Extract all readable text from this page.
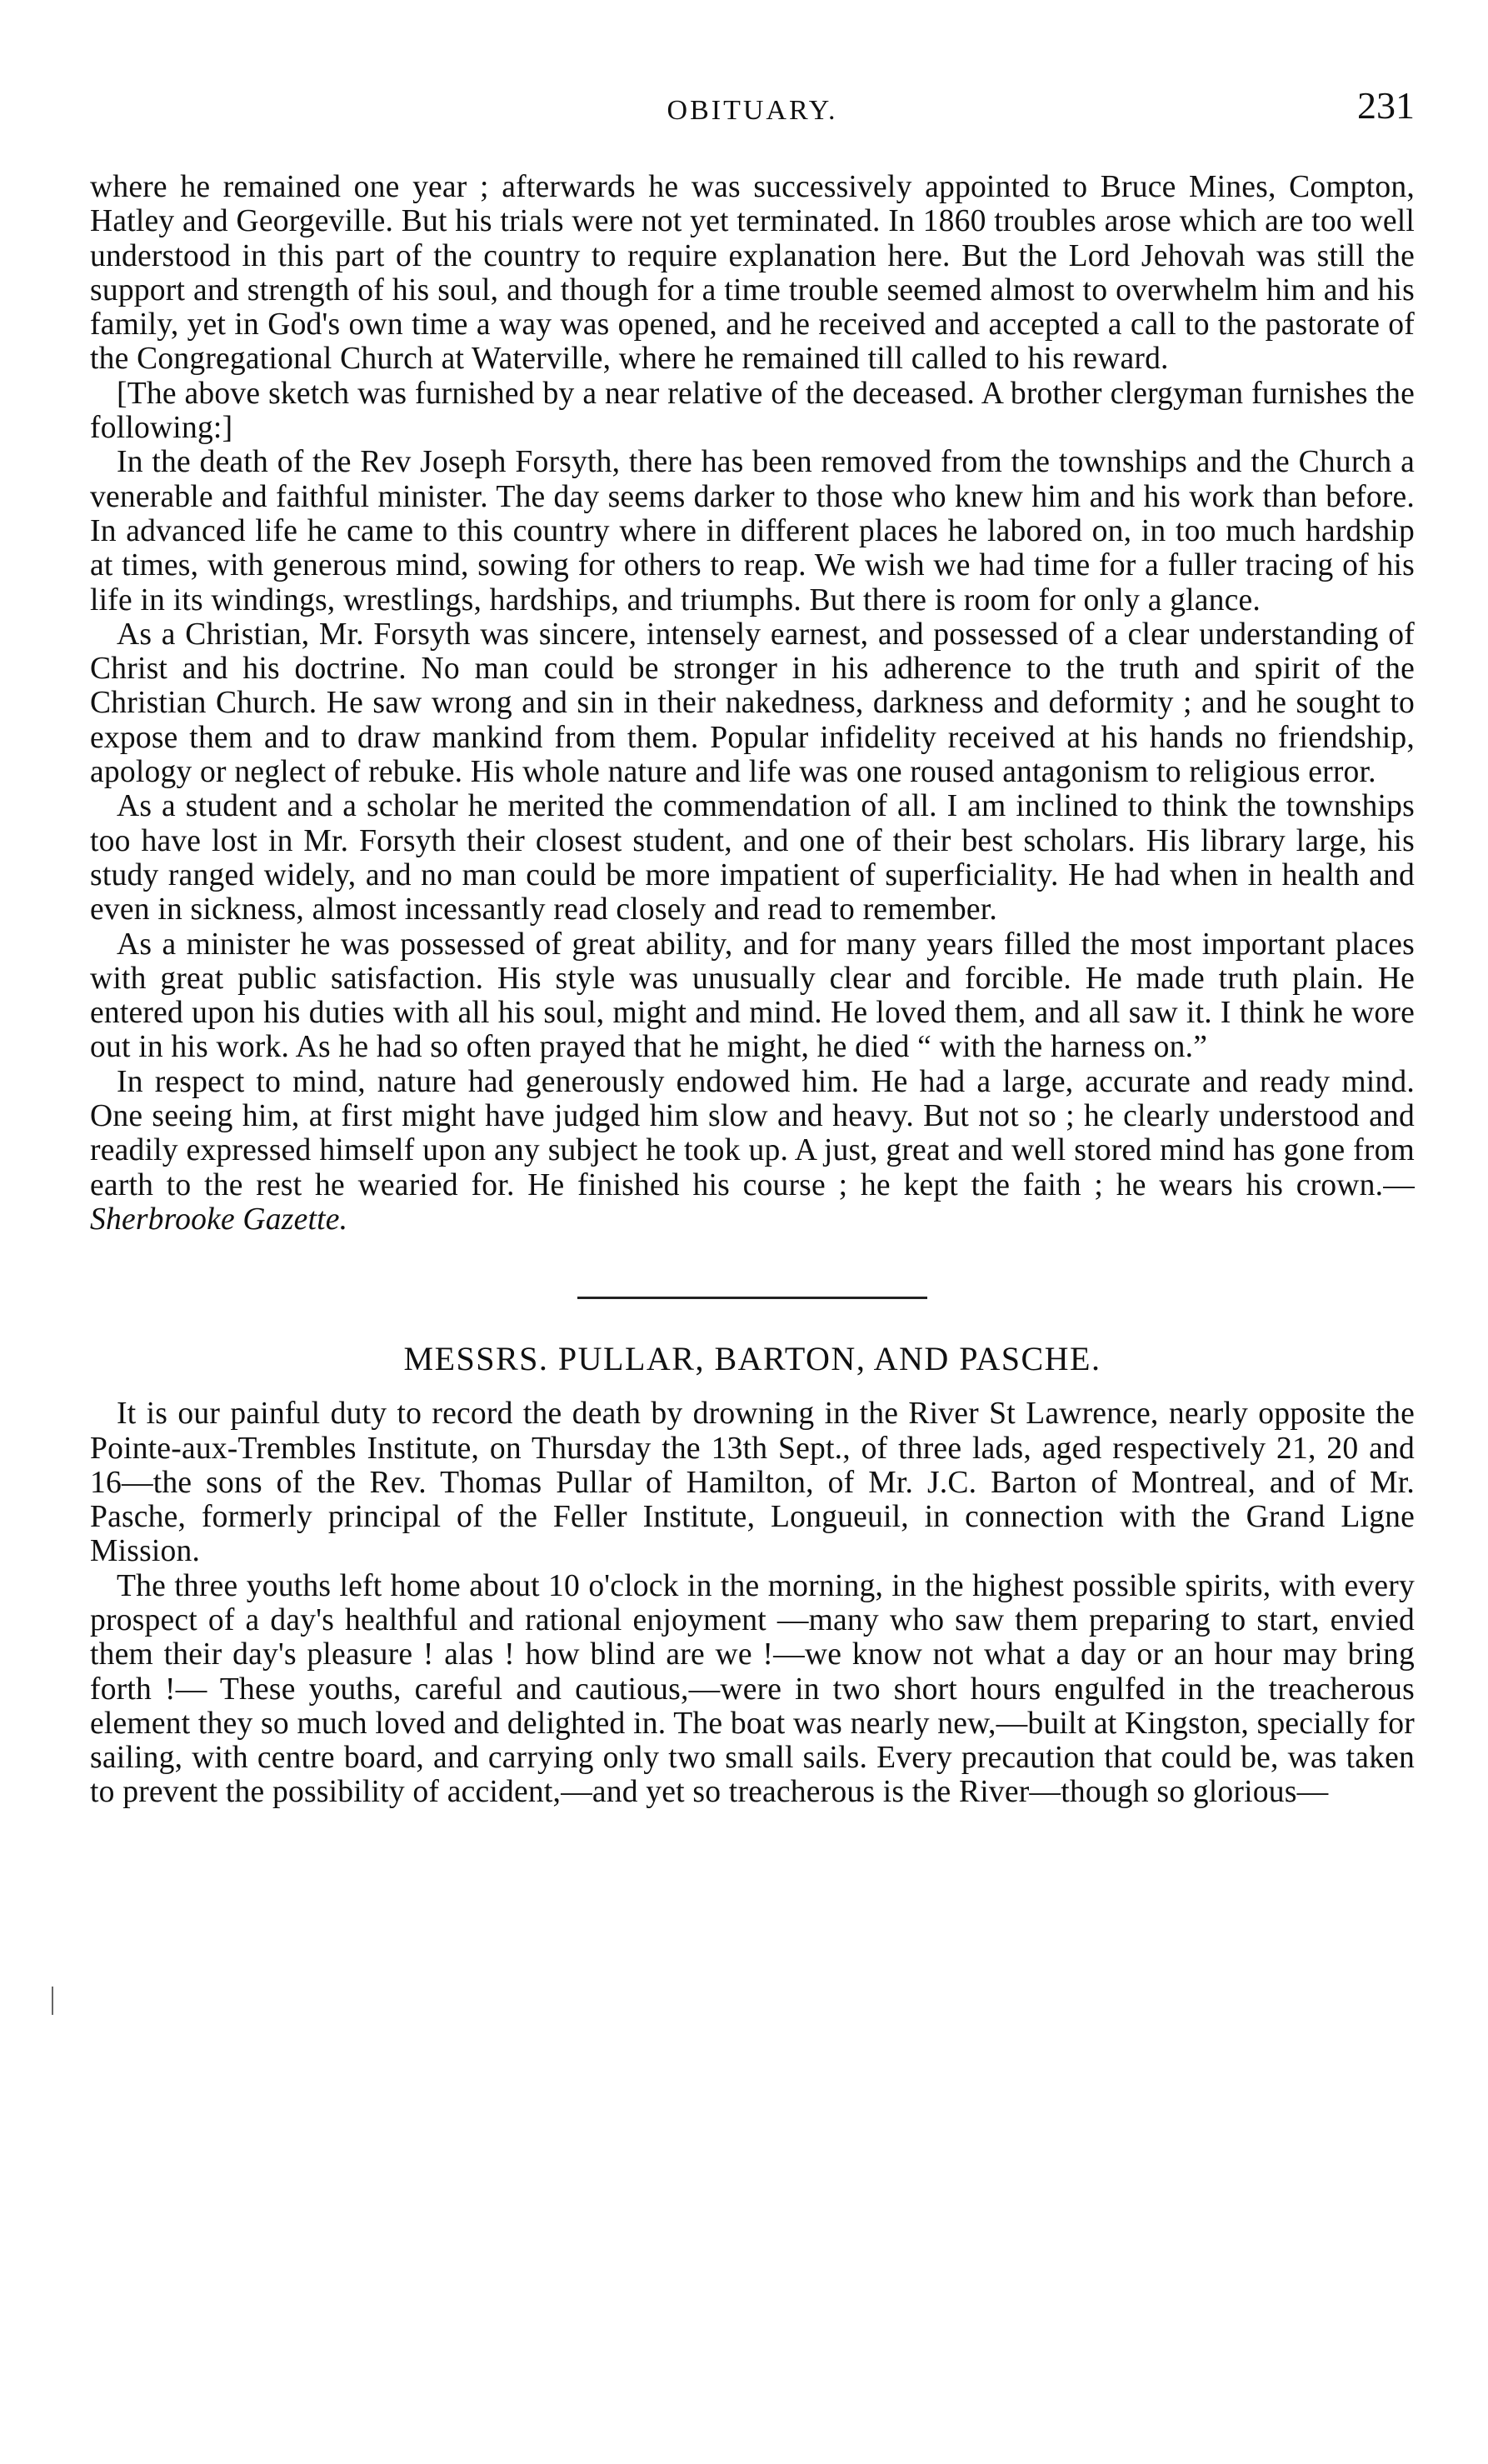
OBITUARY.	231

where he remained one year ; afterwards he was successively appointed to Bruce Mines, Compton, Hatley and Georgeville. But his trials were not yet terminated. In 1860 troubles arose which are too well understood in this part of the country to require explanation here. But the Lord Jehovah was still the support and strength of his soul, and though for a time trouble seemed almost to overwhelm him and his family, yet in God's own time a way was opened, and he received and accepted a call to the pastorate of the Congregational Church at Waterville, where he remained till called to his reward.

[The above sketch was furnished by a near relative of the deceased. A brother clergyman furnishes the following:]

In the death of the Rev Joseph Forsyth, there has been removed from the townships and the Church a venerable and faithful minister. The day seems darker to those who knew him and his work than before. In advanced life he came to this country where in different places he labored on, in too much hardship at times, with generous mind, sowing for others to reap. We wish we had time for a fuller tracing of his life in its windings, wrestlings, hardships, and triumphs. But there is room for only a glance.

As a Christian, Mr. Forsyth was sincere, intensely earnest, and possessed of a clear understanding of Christ and his doctrine. No man could be stronger in his adherence to the truth and spirit of the Christian Church. He saw wrong and sin in their nakedness, darkness and deformity ; and he sought to expose them and to draw mankind from them. Popular infidelity received at his hands no friendship, apology or neglect of rebuke. His whole nature and life was one roused antagonism to religious error.

As a student and a scholar he merited the commendation of all. I am inclined to think the townships too have lost in Mr. Forsyth their closest student, and one of their best scholars. His library large, his study ranged widely, and no man could be more impatient of superficiality. He had when in health and even in sickness, almost incessantly read closely and read to remember.

As a minister he was possessed of great ability, and for many years filled the most important places with great public satisfaction. His style was unusually clear and forcible. He made truth plain. He entered upon his duties with all his soul, might and mind. He loved them, and all saw it. I think he wore out in his work. As he had so often prayed that he might, he died “ with the harness on.”

In respect to mind, nature had generously endowed him. He had a large, accurate and ready mind. One seeing him, at first might have judged him slow and heavy. But not so ; he clearly understood and readily expressed himself upon any subject he took up. A just, great and well stored mind has gone from earth to the rest he wearied for. He finished his course ; he kept the faith ; he wears his crown.—Sherbrooke Gazette.

MESSRS. PULLAR, BARTON, AND PASCHE.

It is our painful duty to record the death by drowning in the River St Lawrence, nearly opposite the Pointe-aux-Trembles Institute, on Thursday the 13th Sept., of three lads, aged respectively 21, 20 and 16—the sons of the Rev. Thomas Pullar of Hamilton, of Mr. J.C. Barton of Montreal, and of Mr. Pasche, formerly principal of the Feller Institute, Longueuil, in connection with the Grand Ligne Mission.

The three youths left home about 10 o'clock in the morning, in the highest possible spirits, with every prospect of a day's healthful and rational enjoyment —many who saw them preparing to start, envied them their day's pleasure ! alas ! how blind are we !—we know not what a day or an hour may bring forth !— These youths, careful and cautious,—were in two short hours engulfed in the treacherous element they so much loved and delighted in. The boat was nearly new,—built at Kingston, specially for sailing, with centre board, and carrying only two small sails. Every precaution that could be, was taken to prevent the possibility of accident,—and yet so treacherous is the River—though so glorious—
